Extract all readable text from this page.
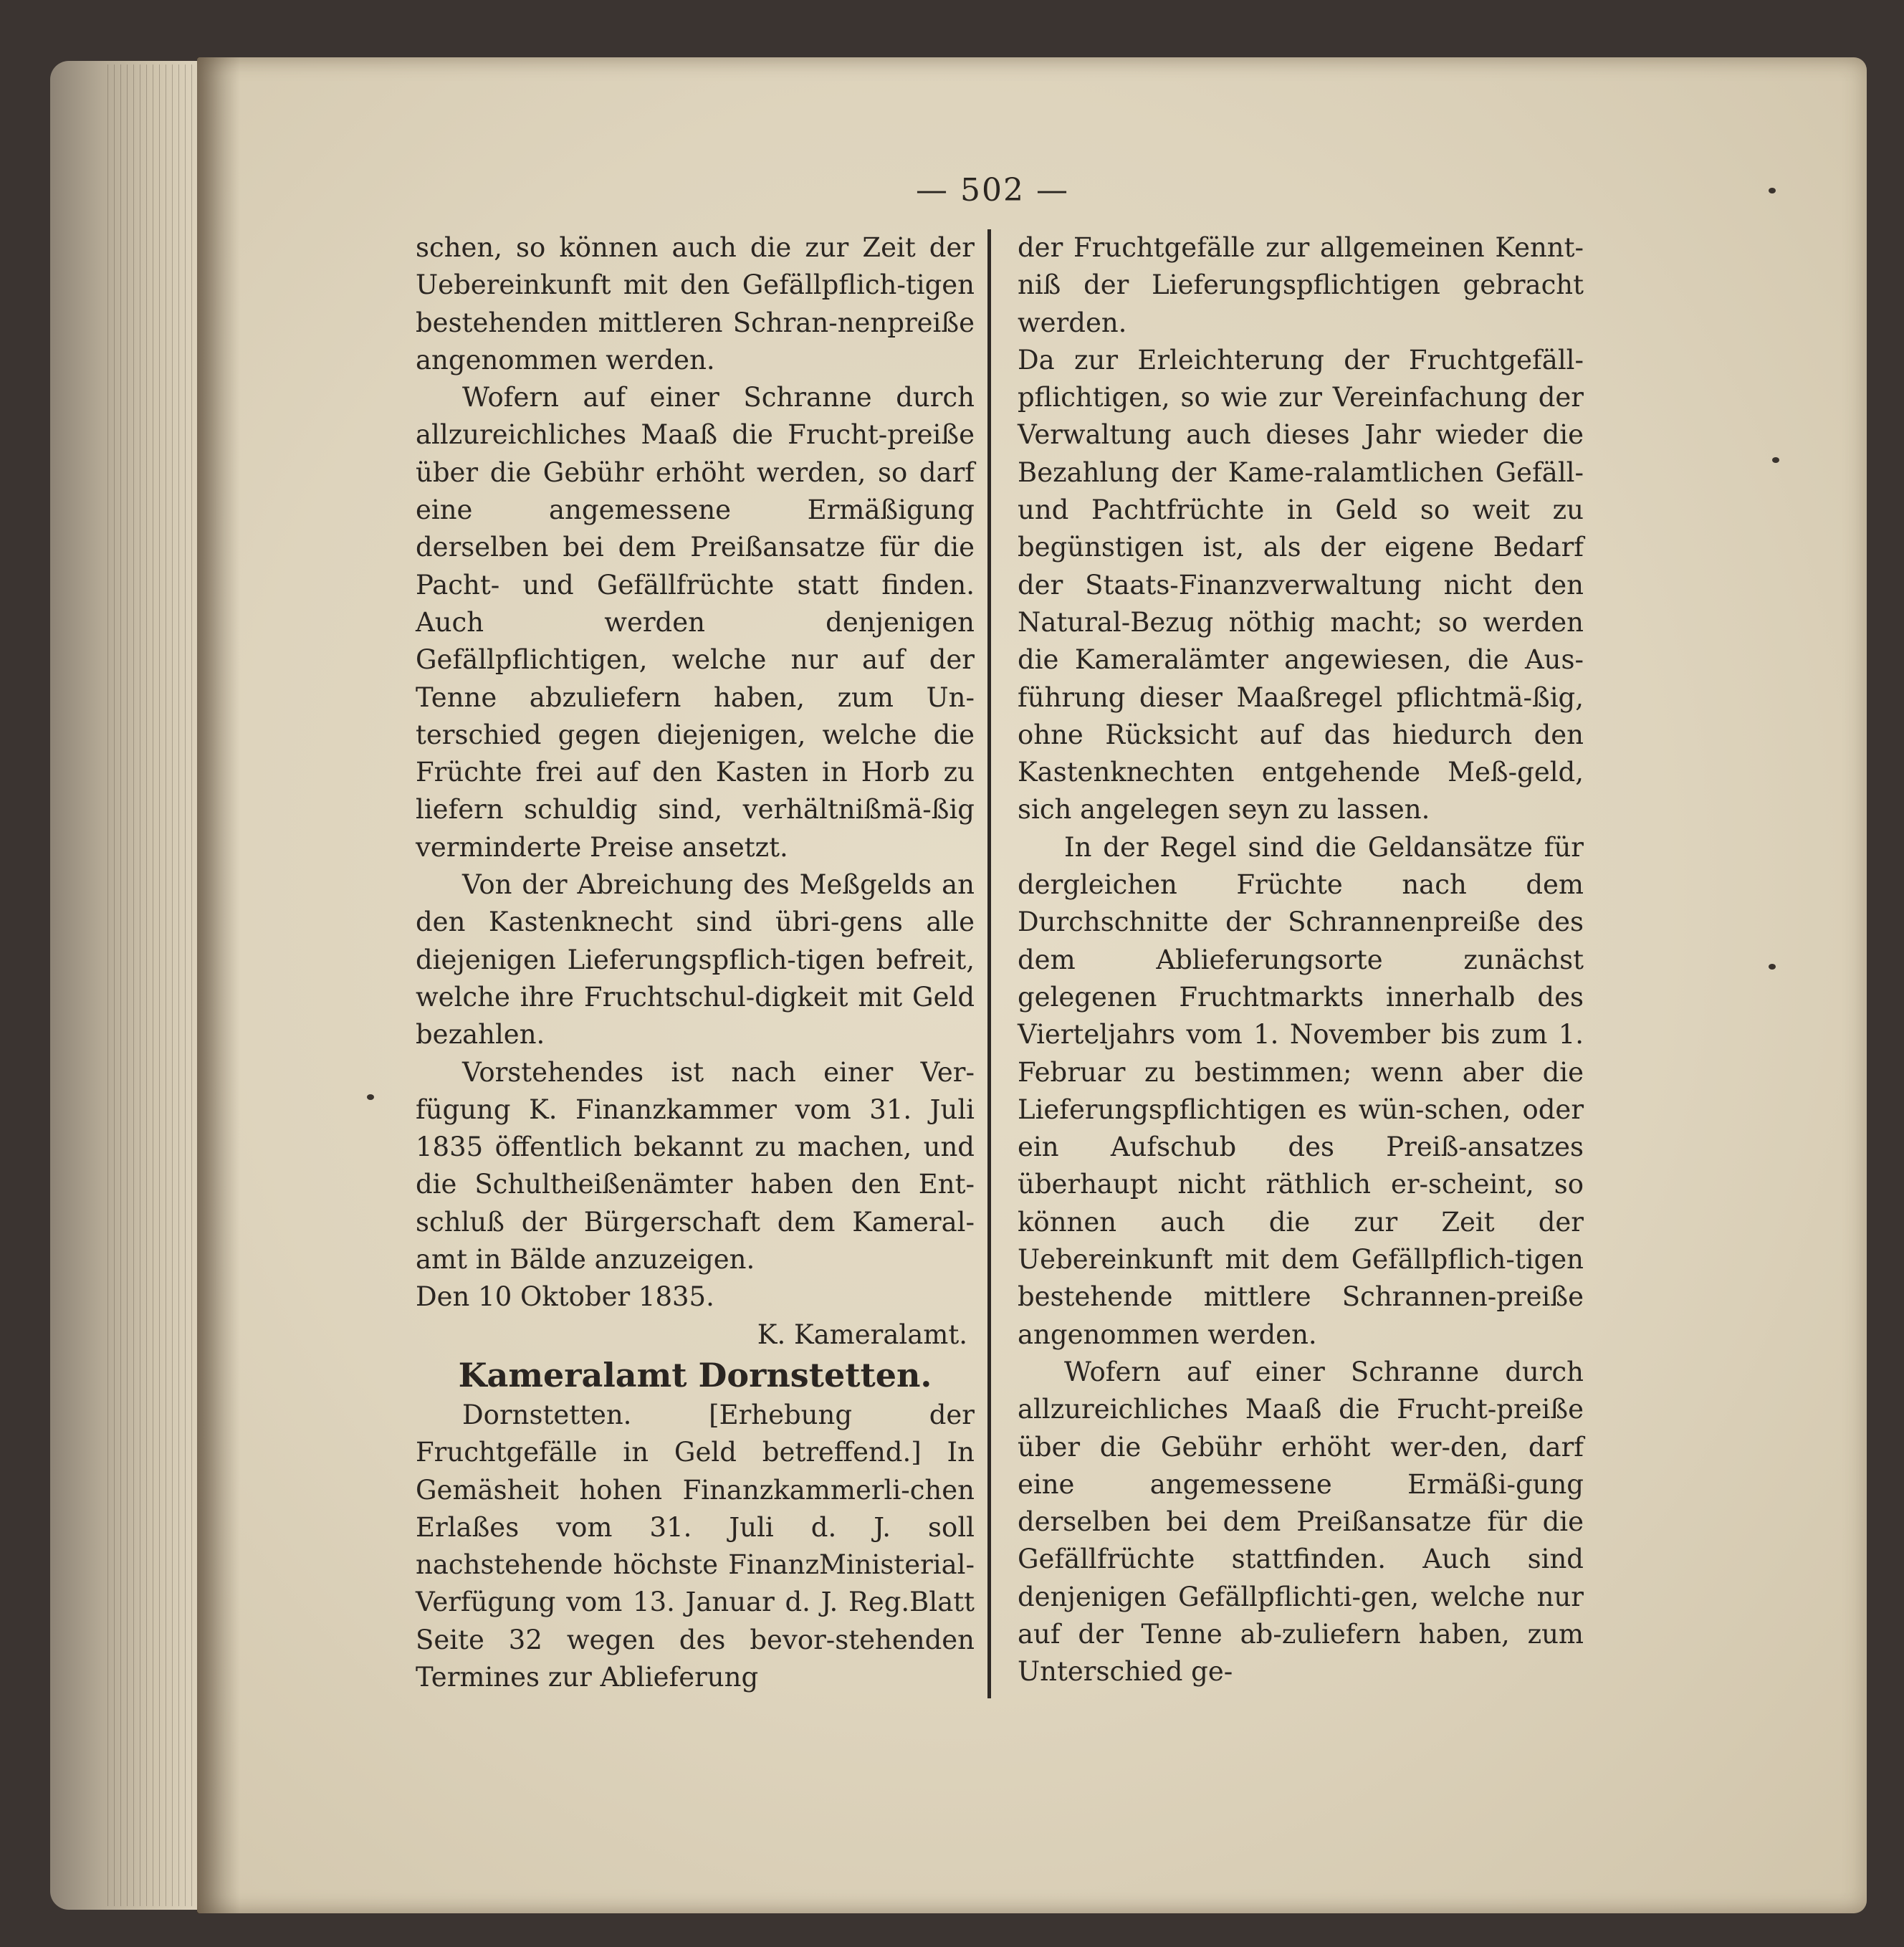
— 502 —

schen, so können auch die zur Zeit der Uebereinkunft mit den Gefällpflich-tigen bestehenden mittleren Schran-nenpreiße angenommen werden.

Wofern auf einer Schranne durch allzureichliches Maaß die Frucht-preiße über die Gebühr erhöht werden, so darf eine angemessene Ermäßigung derselben bei dem Preißansatze für die Pacht- und Gefällfrüchte statt finden. Auch werden denjenigen Gefällpflichtigen, welche nur auf der Tenne abzuliefern haben, zum Un-terschied gegen diejenigen, welche die Früchte frei auf den Kasten in Horb zu liefern schuldig sind, verhältnißmä-ßig verminderte Preise ansetzt.

Von der Abreichung des Meßgelds an den Kastenknecht sind übri-gens alle diejenigen Lieferungspflich-tigen befreit, welche ihre Fruchtschul-digkeit mit Geld bezahlen.

Vorstehendes ist nach einer Ver-fügung K. Finanzkammer vom 31. Juli 1835 öffentlich bekannt zu machen, und die Schultheißenämter haben den Ent-schluß der Bürgerschaft dem Kameral-amt in Bälde anzuzeigen.

Den 10 Oktober 1835.

K. Kameralamt.

Kameralamt Dornstetten.

Dornstetten. [Erhebung der Fruchtgefälle in Geld betreffend.] In Gemäsheit hohen Finanzkammerli-chen Erlaßes vom 31. Juli d. J. soll nachstehende höchste FinanzMinisterial-Verfügung vom 13. Januar d. J. Reg.Blatt Seite 32 wegen des bevor-stehenden Termines zur Ablieferung

der Fruchtgefälle zur allgemeinen Kennt-niß der Lieferungspflichtigen gebracht werden.

Da zur Erleichterung der Fruchtgefäll-pflichtigen, so wie zur Vereinfachung der Verwaltung auch dieses Jahr wieder die Bezahlung der Kame-ralamtlichen Gefäll- und Pachtfrüchte in Geld so weit zu begünstigen ist, als der eigene Bedarf der Staats-Finanzverwaltung nicht den Natural-Bezug nöthig macht; so werden die Kameralämter angewiesen, die Aus-führung dieser Maaßregel pflichtmä-ßig, ohne Rücksicht auf das hiedurch den Kastenknechten entgehende Meß-geld, sich angelegen seyn zu lassen.

In der Regel sind die Geldansätze für dergleichen Früchte nach dem Durchschnitte der Schrannenpreiße des dem Ablieferungsorte zunächst gelegenen Fruchtmarkts innerhalb des Vierteljahrs vom 1. November bis zum 1. Februar zu bestimmen; wenn aber die Lieferungspflichtigen es wün-schen, oder ein Aufschub des Preiß-ansatzes überhaupt nicht räthlich er-scheint, so können auch die zur Zeit der Uebereinkunft mit dem Gefällpflich-tigen bestehende mittlere Schrannen-preiße angenommen werden.

Wofern auf einer Schranne durch allzureichliches Maaß die Frucht-preiße über die Gebühr erhöht wer-den, darf eine angemessene Ermäßi-gung derselben bei dem Preißansatze für die Gefällfrüchte stattfinden. Auch sind denjenigen Gefällpflichti-gen, welche nur auf der Tenne ab-zuliefern haben, zum Unterschied ge-
